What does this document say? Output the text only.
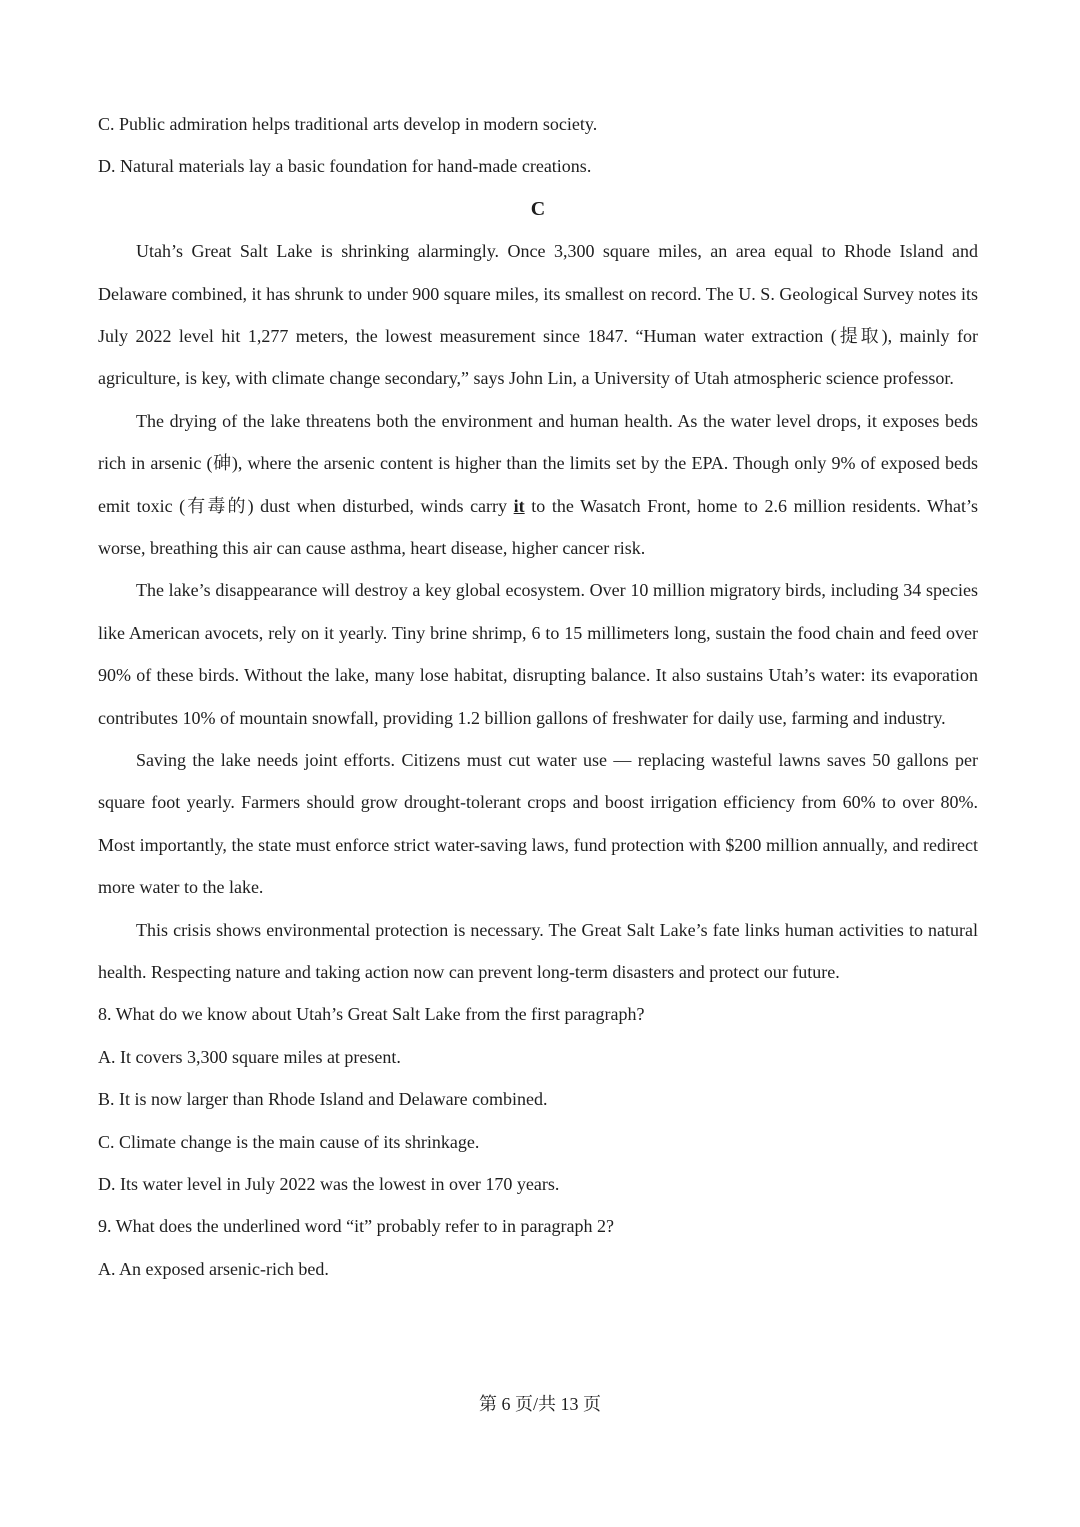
C. Public admiration helps traditional arts develop in modern society.
D. Natural materials lay a basic foundation for hand-made creations.
C

Utah’s Great Salt Lake is shrinking alarmingly. Once 3,300 square miles, an area equal to Rhode Island and Delaware combined, it has shrunk to under 900 square miles, its smallest on record. The U. S. Geological Survey notes its July 2022 level hit 1,277 meters, the lowest measurement since 1847. “Human water extraction (提取), mainly for agriculture, is key, with climate change secondary,” says John Lin, a University of Utah atmospheric science professor.

The drying of the lake threatens both the environment and human health. As the water level drops, it exposes beds rich in arsenic (砷), where the arsenic content is higher than the limits set by the EPA. Though only 9% of exposed beds emit toxic (有毒的) dust when disturbed, winds carry it to the Wasatch Front, home to 2.6 million residents. What’s worse, breathing this air can cause asthma, heart disease, higher cancer risk.

The lake’s disappearance will destroy a key global ecosystem. Over 10 million migratory birds, including 34 species like American avocets, rely on it yearly. Tiny brine shrimp, 6 to 15 millimeters long, sustain the food chain and feed over 90% of these birds. Without the lake, many lose habitat, disrupting balance. It also sustains Utah’s water: its evaporation contributes 10% of mountain snowfall, providing 1.2 billion gallons of freshwater for daily use, farming and industry.

Saving the lake needs joint efforts. Citizens must cut water use — replacing wasteful lawns saves 50 gallons per square foot yearly. Farmers should grow drought-tolerant crops and boost irrigation efficiency from 60% to over 80%. Most importantly, the state must enforce strict water-saving laws, fund protection with $200 million annually, and redirect more water to the lake.

This crisis shows environmental protection is necessary. The Great Salt Lake’s fate links human activities to natural health. Respecting nature and taking action now can prevent long-term disasters and protect our future.

8. What do we know about Utah’s Great Salt Lake from the first paragraph?
A. It covers 3,300 square miles at present.
B. It is now larger than Rhode Island and Delaware combined.
C. Climate change is the main cause of its shrinkage.
D. Its water level in July 2022 was the lowest in over 170 years.
9. What does the underlined word “it” probably refer to in paragraph 2?
A. An exposed arsenic-rich bed.
第 6 页/共 13 页
